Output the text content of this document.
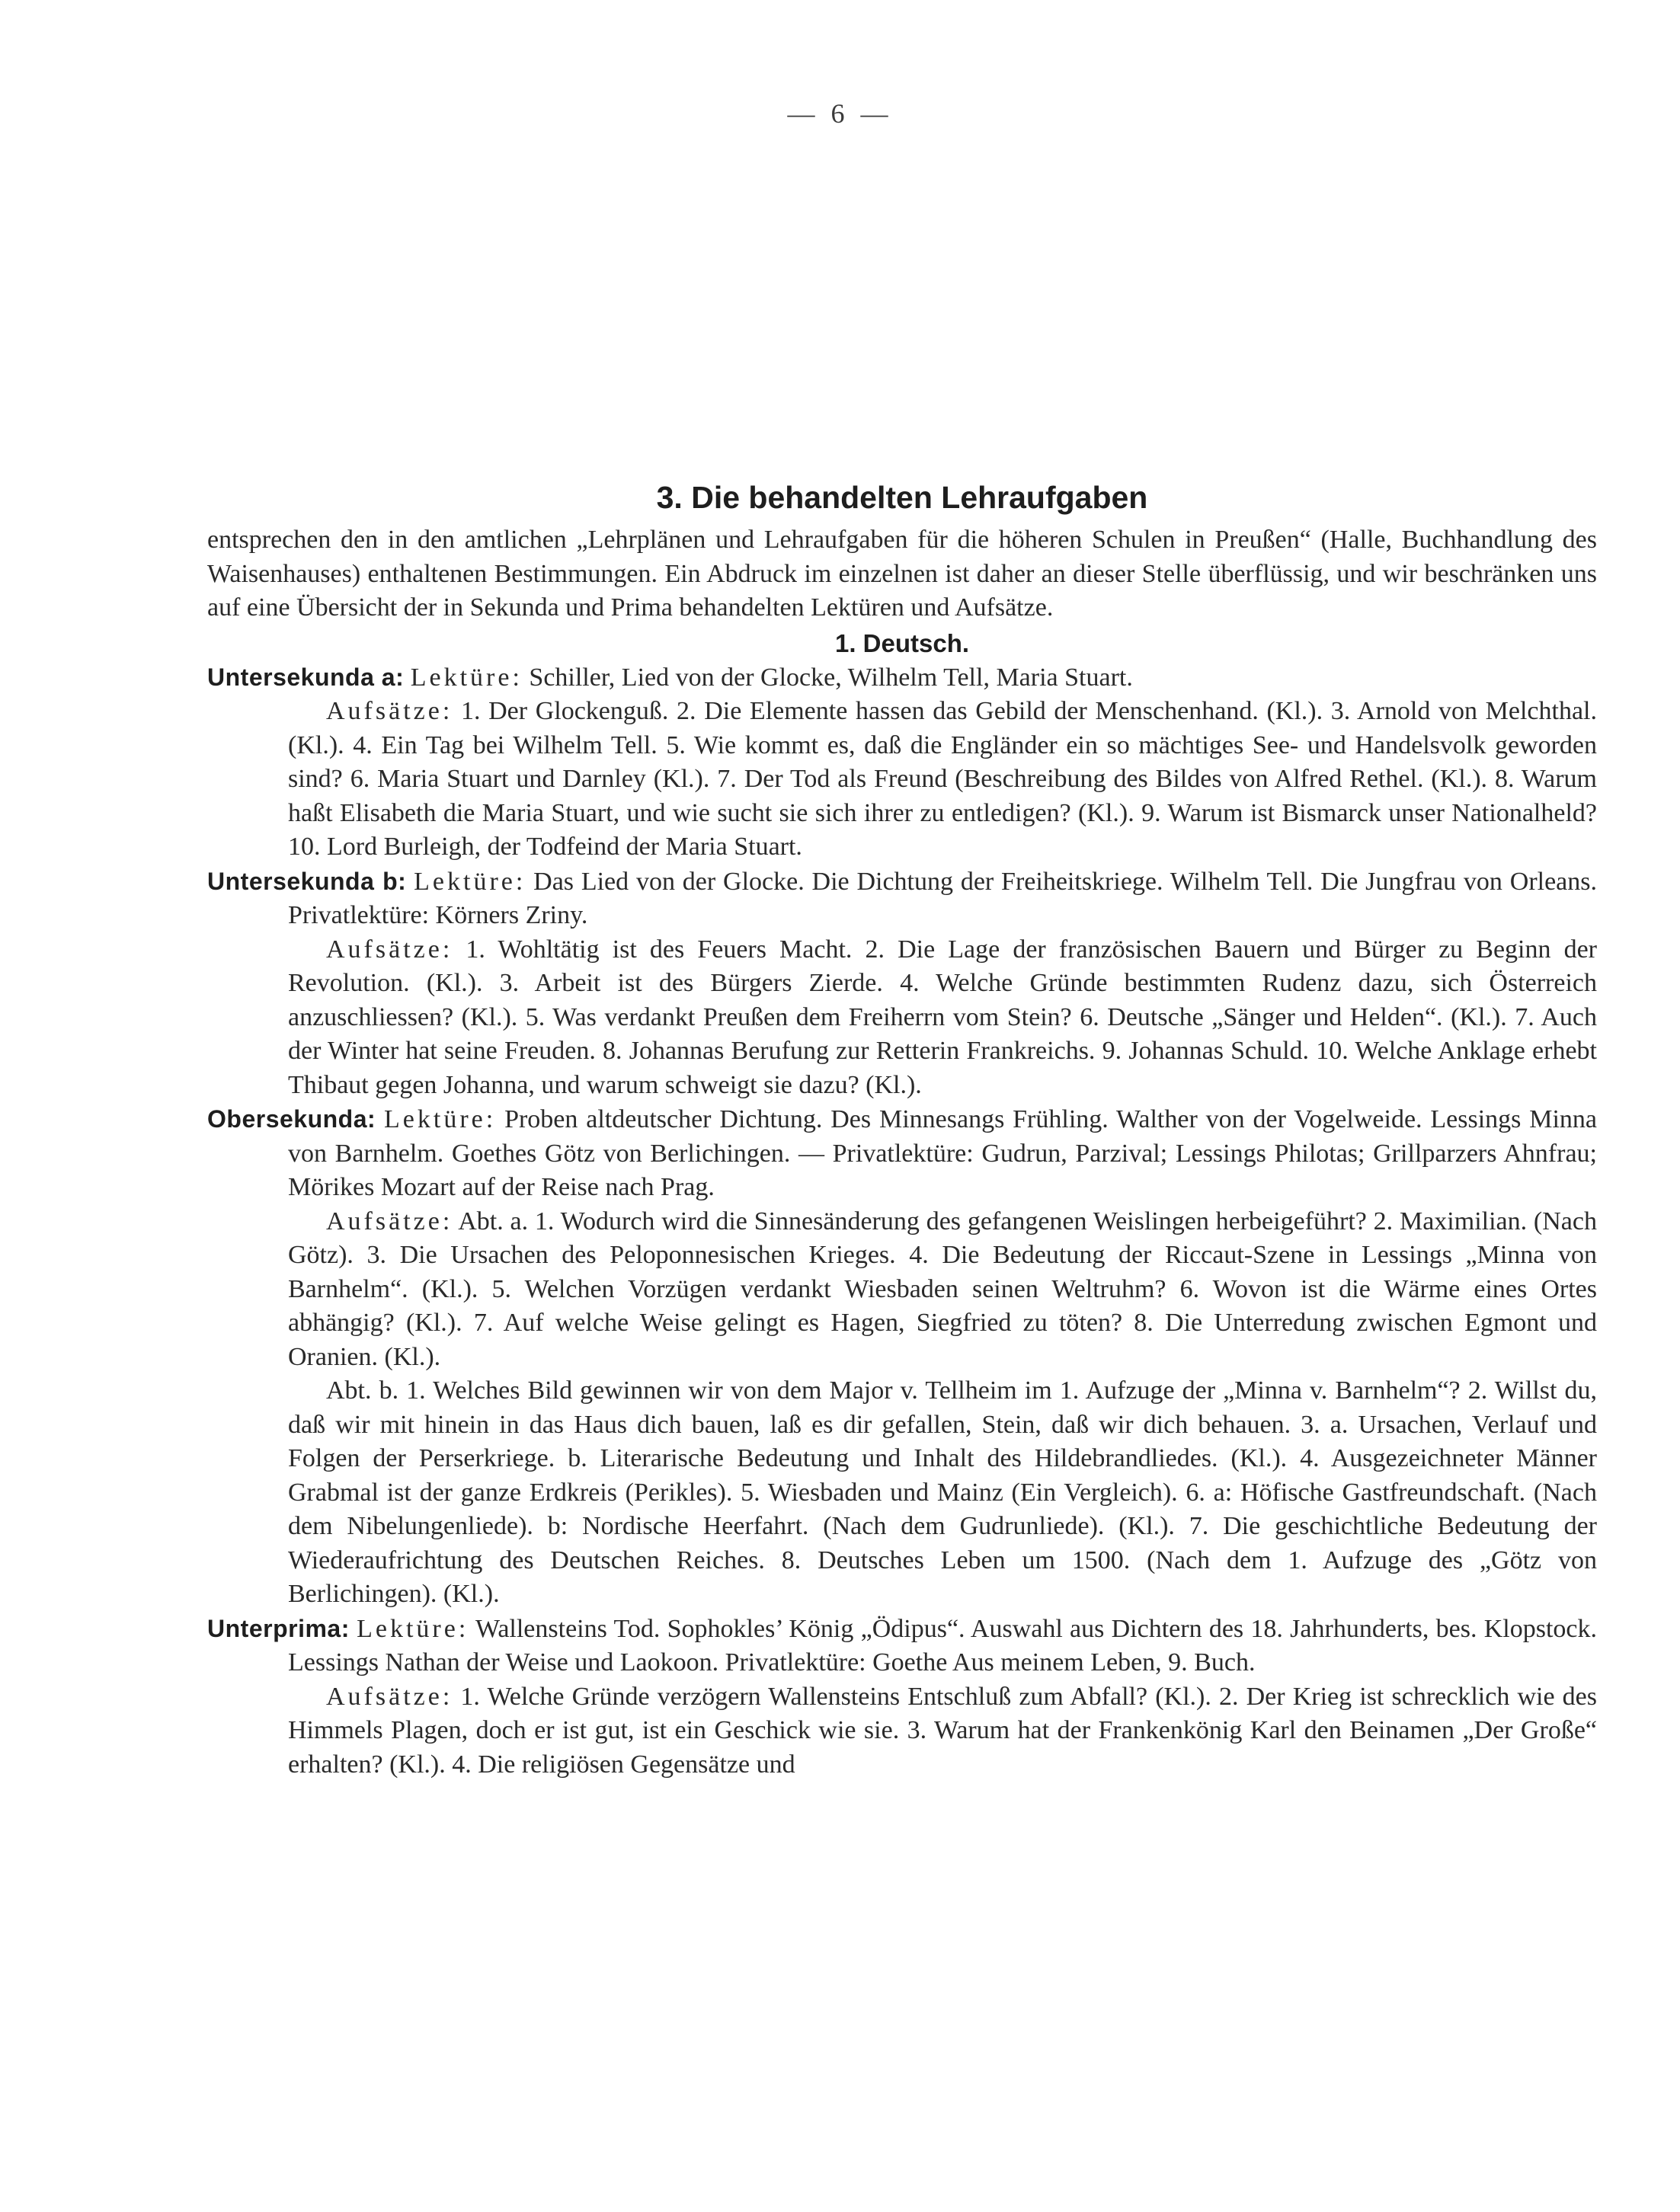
— 6 —
3. Die behandelten Lehraufgaben

entsprechen den in den amtlichen „Lehrplänen und Lehraufgaben für die höheren Schulen in Preußen“ (Halle, Buchhandlung des Waisenhauses) enthaltenen Bestimmungen. Ein Abdruck im einzelnen ist daher an dieser Stelle überflüssig, und wir beschränken uns auf eine Übersicht der in Sekunda und Prima behandelten Lektüren und Aufsätze.

1. Deutsch.

Untersekunda a: Lektüre: Schiller, Lied von der Glocke, Wilhelm Tell, Maria Stuart.

Aufsätze: 1. Der Glockenguß. 2. Die Elemente hassen das Gebild der Menschenhand. (Kl.). 3. Arnold von Melchthal. (Kl.). 4. Ein Tag bei Wilhelm Tell. 5. Wie kommt es, daß die Engländer ein so mächtiges See- und Handelsvolk geworden sind? 6. Maria Stuart und Darnley (Kl.). 7. Der Tod als Freund (Beschreibung des Bildes von Alfred Rethel. (Kl.). 8. Warum haßt Elisabeth die Maria Stuart, und wie sucht sie sich ihrer zu entledigen? (Kl.). 9. Warum ist Bismarck unser Nationalheld? 10. Lord Burleigh, der Todfeind der Maria Stuart.

Untersekunda b: Lektüre: Das Lied von der Glocke. Die Dichtung der Freiheitskriege. Wilhelm Tell. Die Jungfrau von Orleans. Privatlektüre: Körners Zriny.

Aufsätze: 1. Wohltätig ist des Feuers Macht. 2. Die Lage der französischen Bauern und Bürger zu Beginn der Revolution. (Kl.). 3. Arbeit ist des Bürgers Zierde. 4. Welche Gründe bestimmten Rudenz dazu, sich Österreich anzuschliessen? (Kl.). 5. Was verdankt Preußen dem Freiherrn vom Stein? 6. Deutsche „Sänger und Helden“. (Kl.). 7. Auch der Winter hat seine Freuden. 8. Johannas Berufung zur Retterin Frankreichs. 9. Johannas Schuld. 10. Welche Anklage erhebt Thibaut gegen Johanna, und warum schweigt sie dazu? (Kl.).

Obersekunda: Lektüre: Proben altdeutscher Dichtung. Des Minnesangs Frühling. Walther von der Vogelweide. Lessings Minna von Barnhelm. Goethes Götz von Berlichingen. — Privatlektüre: Gudrun, Parzival; Lessings Philotas; Grillparzers Ahnfrau; Mörikes Mozart auf der Reise nach Prag.

Aufsätze: Abt. a. 1. Wodurch wird die Sinnesänderung des gefangenen Weislingen herbeigeführt? 2. Maximilian. (Nach Götz). 3. Die Ursachen des Peloponnesischen Krieges. 4. Die Bedeutung der Riccaut-Szene in Lessings „Minna von Barnhelm“. (Kl.). 5. Welchen Vorzügen verdankt Wiesbaden seinen Weltruhm? 6. Wovon ist die Wärme eines Ortes abhängig? (Kl.). 7. Auf welche Weise gelingt es Hagen, Siegfried zu töten? 8. Die Unterredung zwischen Egmont und Oranien. (Kl.).

Abt. b. 1. Welches Bild gewinnen wir von dem Major v. Tellheim im 1. Aufzuge der „Minna v. Barnhelm“? 2. Willst du, daß wir mit hinein in das Haus dich bauen, laß es dir gefallen, Stein, daß wir dich behauen. 3. a. Ursachen, Verlauf und Folgen der Perserkriege. b. Literarische Bedeutung und Inhalt des Hildebrandliedes. (Kl.). 4. Ausgezeichneter Männer Grabmal ist der ganze Erdkreis (Perikles). 5. Wiesbaden und Mainz (Ein Vergleich). 6. a: Höfische Gastfreundschaft. (Nach dem Nibelungenliede). b: Nordische Heerfahrt. (Nach dem Gudrunliede). (Kl.). 7. Die geschichtliche Bedeutung der Wiederaufrichtung des Deutschen Reiches. 8. Deutsches Leben um 1500. (Nach dem 1. Aufzuge des „Götz von Berlichingen). (Kl.).

Unterprima: Lektüre: Wallensteins Tod. Sophokles’ König „Ödipus“. Auswahl aus Dichtern des 18. Jahrhunderts, bes. Klopstock. Lessings Nathan der Weise und Laokoon. Privatlektüre: Goethe Aus meinem Leben, 9. Buch.

Aufsätze: 1. Welche Gründe verzögern Wallensteins Entschluß zum Abfall? (Kl.). 2. Der Krieg ist schrecklich wie des Himmels Plagen, doch er ist gut, ist ein Geschick wie sie. 3. Warum hat der Frankenkönig Karl den Beinamen „Der Große“ erhalten? (Kl.). 4. Die religiösen Gegensätze und
